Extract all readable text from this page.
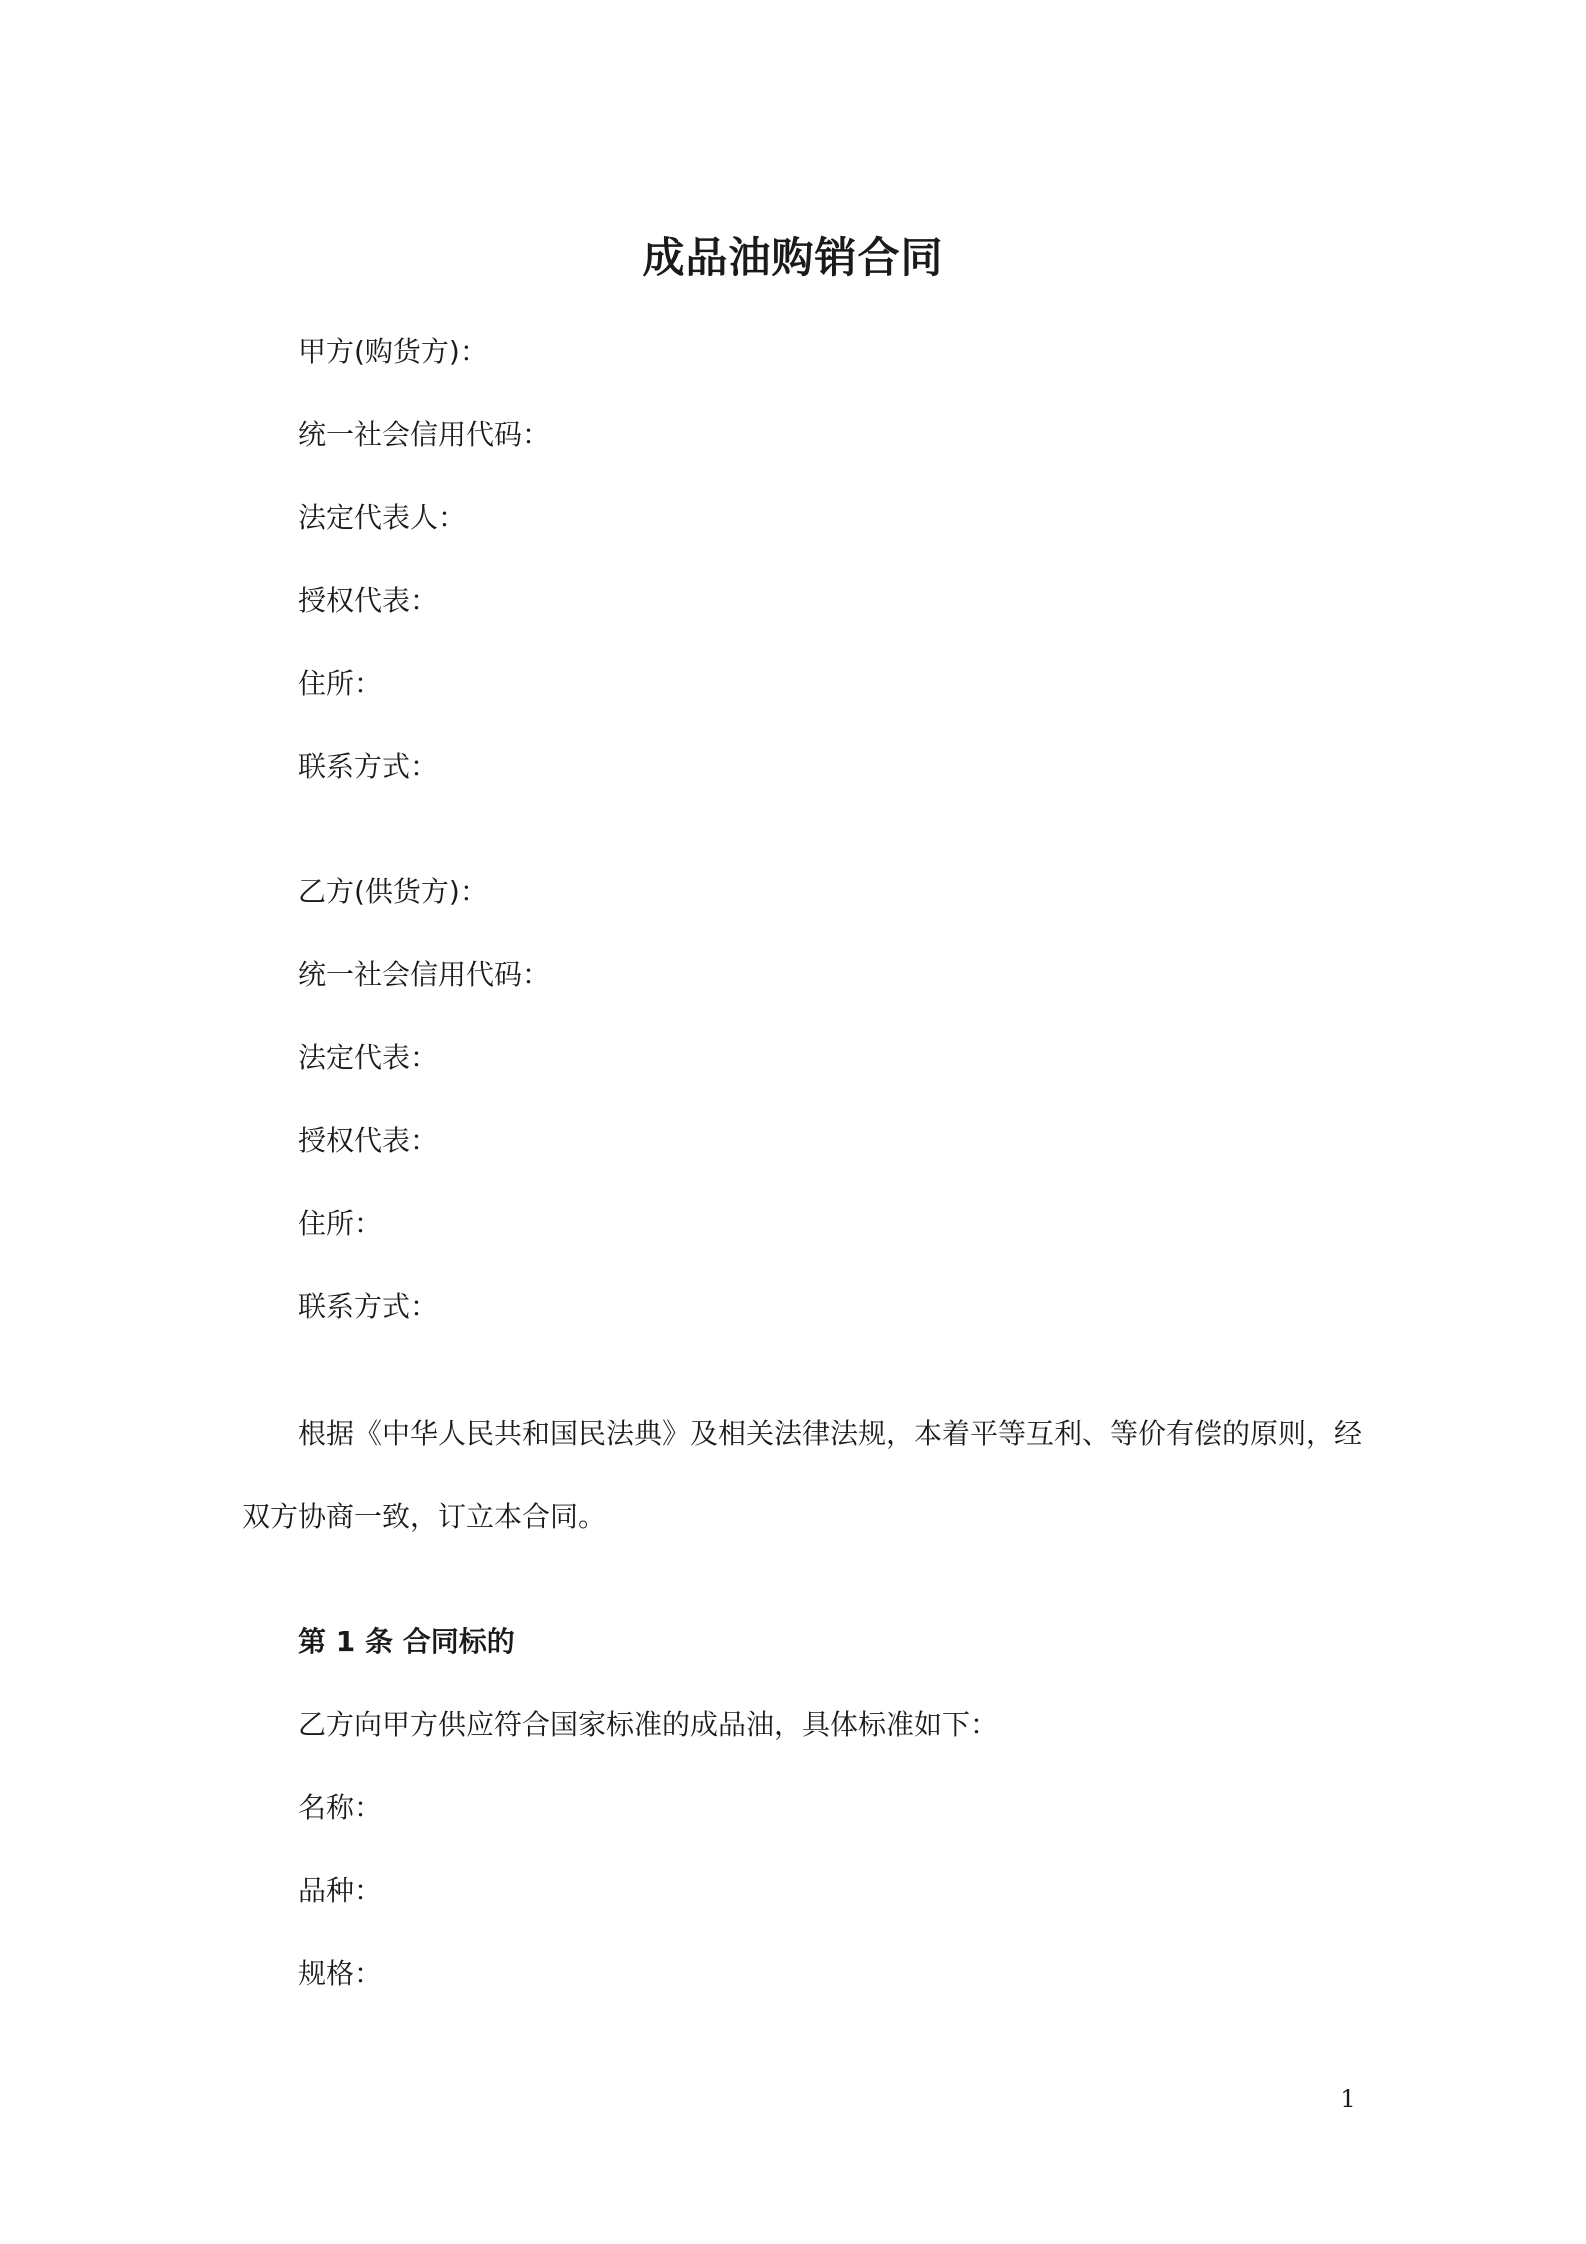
成品油购销合同
甲方(购货方)：
统一社会信用代码：
法定代表人：
授权代表：
住所：
联系方式：
乙方(供货方)：
统一社会信用代码：
法定代表：
授权代表：
住所：
联系方式：
根据《中华人民共和国民法典》及相关法律法规，本着平等互利、等价有偿的原则，经
双方协商一致，订立本合同。
第 1 条 合同标的
乙方向甲方供应符合国家标准的成品油，具体标准如下：
名称：
品种：
规格：
1
